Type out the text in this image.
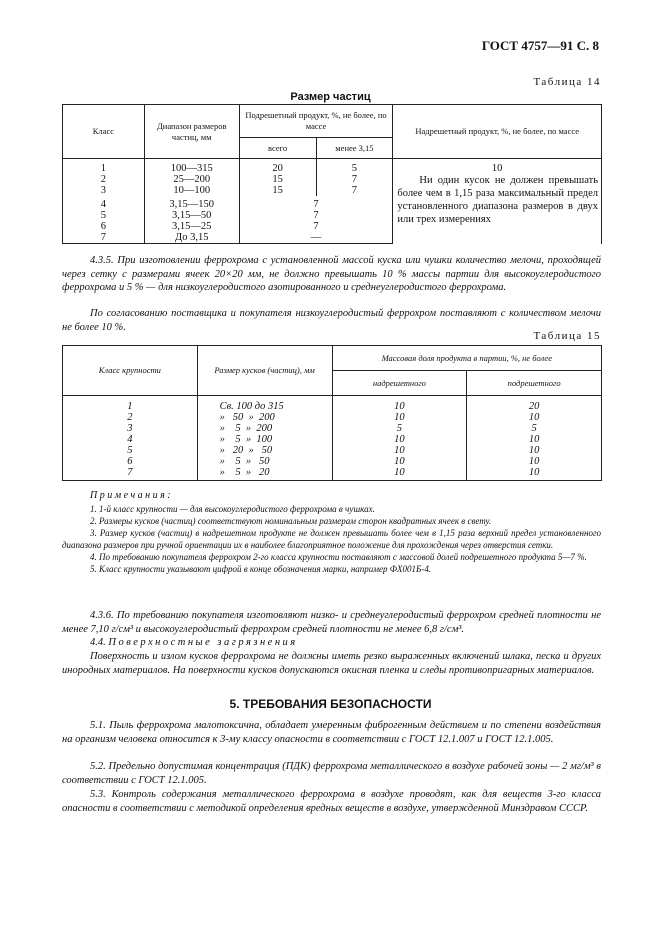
ГОСТ 4757—91 С. 8
Таблица 14
Размер частиц
Класс	Диапазон размеров частиц, мм	Подрешетный продукт, %, не более, по массе		Надрешетный продукт, %, не более, по массе
		всего	менее 3,15	

1	100—315	20	5	10
2	25—200	15	7	Ни один кусок не должен превышать более чем в 1,15 раза максимальный предел установленного диапазона размеров в двух или трех измерениях

3	10—100	15	7	
4	3,15—150	7		
5	3,15—50	7		
6	3,15—25	7		
7	До 3,15	—		

4.3.5. При изготовлении феррохрома с установленной массой куска или чушки количество мелочи, проходящей через сетку с размерами ячеек 20×20 мм, не должно превышать 10 % массы партии для высокоуглеродистого феррохрома и 5 % — для низкоуглеродистого азотированного и среднеуглеродистого феррохрома.

По согласованию поставщика и покупателя низкоуглеродистый феррохром поставляют с количеством мелочи не более 10 %.

Таблица 15
Класс крупности	Размер кусков (частиц), мм	Массовая доля продукта в партии, %, не более	
		надрешетного	подрешетного

1	Св. 100 до 315	10	20
2	»   50  »  200	10	10
3	»    5  »  200	5	5
4	»    5  »  100	10	10
5	»   20  »   50	10	10
6	»    5  »   50	10	10
7	»    5  »   20	10	10

Примечания:

1. 1-й класс крупности — для высокоуглеродистого феррохрома в чушках.

2. Размеры кусков (частиц) соответствуют номинальным размерам сторон квадратных ячеек в свету.

3. Размер кусков (частиц) в надрешетном продукте не должен превышать более чем в 1,15 раза верхний предел установленного диапазона размеров при ручной ориентации их в наиболее благоприятное положение для прохождения через отверстия сетки.

4. По требованию покупателя феррохром 2-го класса крупности поставляют с массовой долей подрешетного продукта 5—7 %.

5. Класс крупности указывают цифрой в конце обозначения марки, например ФХ001Б-4.

4.3.6. По требованию покупателя изготовляют низко- и среднеуглеродистый феррохром средней плотности не менее 7,10 г/см³ и высокоуглеродистый феррохром средней плотности не менее 6,8 г/см³.

4.4. Поверхностные загрязнения

Поверхность и излом кусков феррохрома не должны иметь резко выраженных включений шлака, песка и других инородных материалов. На поверхности кусков допускаются окисная пленка и следы противопригарных материалов.

5. ТРЕБОВАНИЯ БЕЗОПАСНОСТИ

5.1. Пыль феррохрома малотоксична, обладает умеренным фиброгенным действием и по степени воздействия на организм человека относится к 3-му классу опасности в соответствии с ГОСТ 12.1.007 и ГОСТ 12.1.005.

5.2. Предельно допустимая концентрация (ПДК) феррохрома металлического в воздухе рабочей зоны — 2 мг/м³ в соответствии с ГОСТ 12.1.005.

5.3. Контроль содержания металлического феррохрома в воздухе проводят, как для веществ 3-го класса опасности в соответствии с методикой определения вредных веществ в воздухе, утвержденной Минздравом СССР.
